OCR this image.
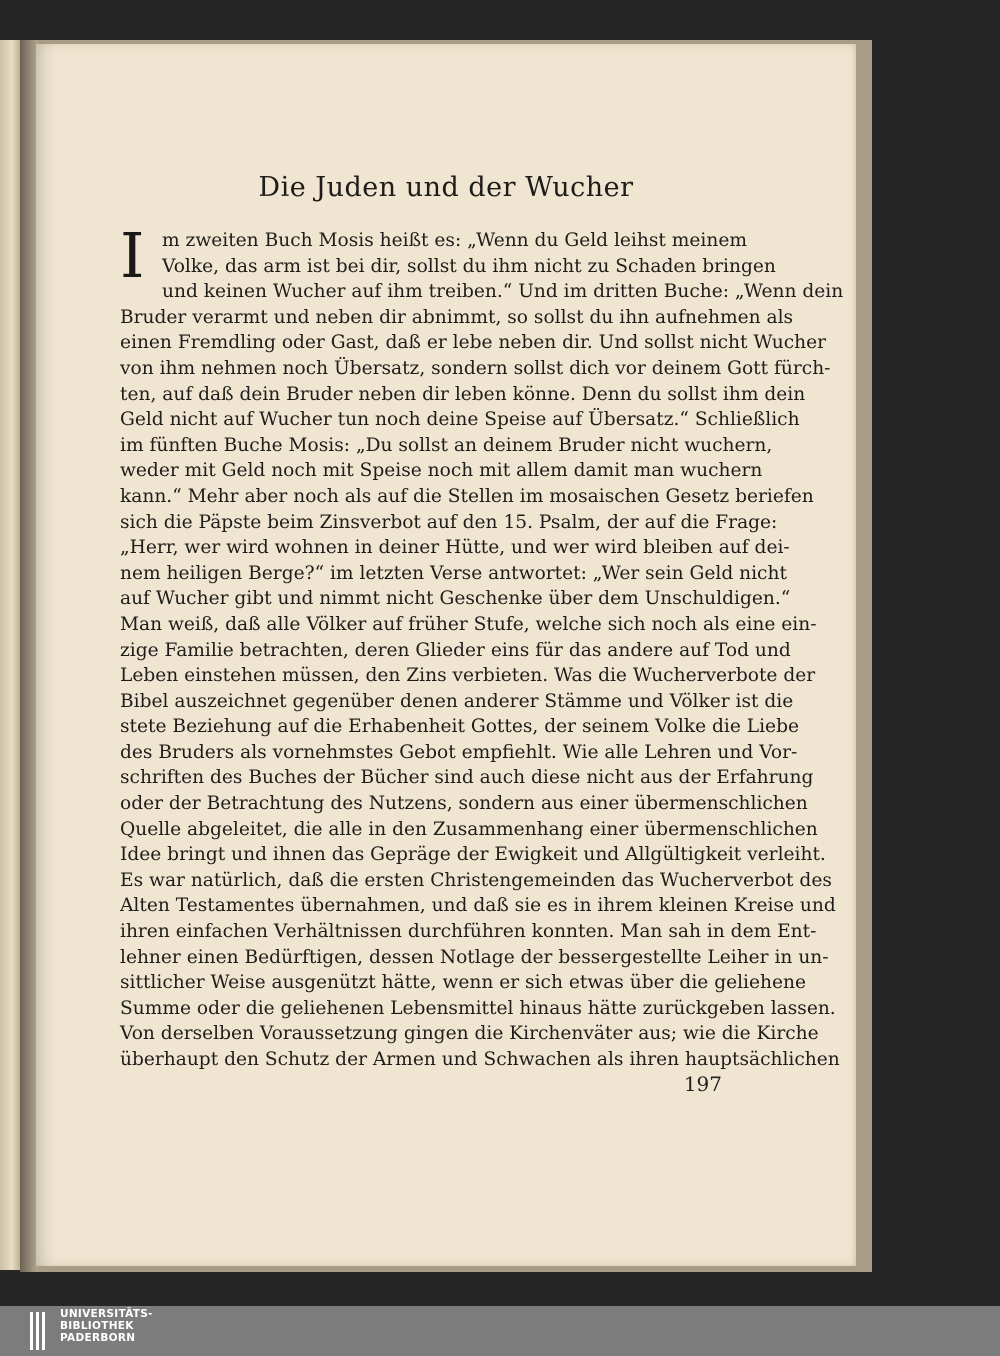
Die Juden und der Wucher
I m zweiten Buch Mosis heißt es: „Wenn du Geld leihst meinem
Volke, das arm ist bei dir, sollst du ihm nicht zu Schaden bringen
und keinen Wucher auf ihm treiben.“ Und im dritten Buche: „Wenn dein
Bruder verarmt und neben dir abnimmt, so sollst du ihn aufnehmen als
einen Fremdling oder Gast, daß er lebe neben dir. Und sollst nicht Wucher
von ihm nehmen noch Übersatz, sondern sollst dich vor deinem Gott fürch-
ten, auf daß dein Bruder neben dir leben könne. Denn du sollst ihm dein
Geld nicht auf Wucher tun noch deine Speise auf Übersatz.“ Schließlich
im fünften Buche Mosis: „Du sollst an deinem Bruder nicht wuchern,
weder mit Geld noch mit Speise noch mit allem damit man wuchern
kann.“ Mehr aber noch als auf die Stellen im mosaischen Gesetz beriefen
sich die Päpste beim Zinsverbot auf den 15. Psalm, der auf die Frage:
„Herr, wer wird wohnen in deiner Hütte, und wer wird bleiben auf dei-
nem heiligen Berge?“ im letzten Verse antwortet: „Wer sein Geld nicht
auf Wucher gibt und nimmt nicht Geschenke über dem Unschuldigen.“
Man weiß, daß alle Völker auf früher Stufe, welche sich noch als eine ein-
zige Familie betrachten, deren Glieder eins für das andere auf Tod und
Leben einstehen müssen, den Zins verbieten. Was die Wucherverbote der
Bibel auszeichnet gegenüber denen anderer Stämme und Völker ist die
stete Beziehung auf die Erhabenheit Gottes, der seinem Volke die Liebe
des Bruders als vornehmstes Gebot empfiehlt. Wie alle Lehren und Vor-
schriften des Buches der Bücher sind auch diese nicht aus der Erfahrung
oder der Betrachtung des Nutzens, sondern aus einer übermenschlichen
Quelle abgeleitet, die alle in den Zusammenhang einer übermenschlichen
Idee bringt und ihnen das Gepräge der Ewigkeit und Allgültigkeit verleiht.
Es war natürlich, daß die ersten Christengemeinden das Wucherverbot des
Alten Testamentes übernahmen, und daß sie es in ihrem kleinen Kreise und
ihren einfachen Verhältnissen durchführen konnten. Man sah in dem Ent-
lehner einen Bedürftigen, dessen Notlage der bessergestellte Leiher in un-
sittlicher Weise ausgenützt hätte, wenn er sich etwas über die geliehene
Summe oder die geliehenen Lebensmittel hinaus hätte zurückgeben lassen.
Von derselben Voraussetzung gingen die Kirchenväter aus; wie die Kirche
überhaupt den Schutz der Armen und Schwachen als ihren hauptsächlichen
197
UNIVERSITÄTS-
BIBLIOTHEK
PADERBORN
